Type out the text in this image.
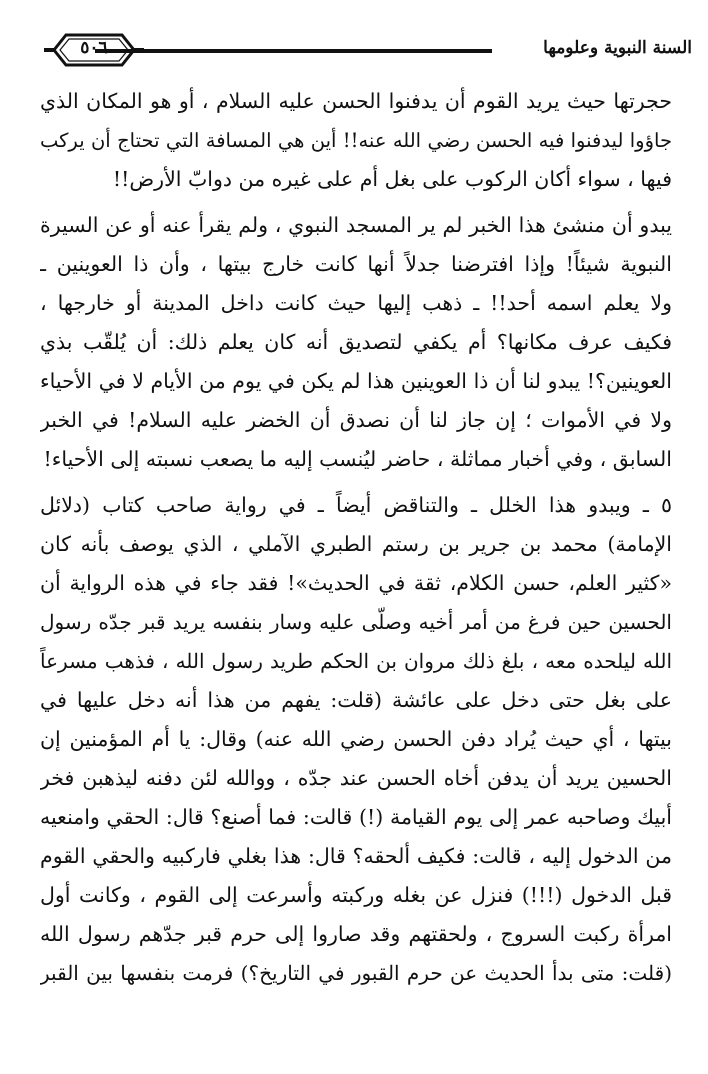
السنة النبوية وعلومها
٥٠٦
حجرتها حيث يريد القوم أن يدفنوا الحسن عليه السلام ، أو هو المكان الذي
جاؤوا ليدفنوا فيه الحسن رضي الله عنه!! أين هي المسافة التي تحتاج أن يركب
فيها ، سواء أكان الركوب على بغل أم على غيره من دوابّ الأرض!!
يبدو أن منشئ هذا الخبر لم ير المسجد النبوي ، ولم يقرأ عنه أو عن السيرة
النبوية شيئاً! وإذا افترضنا جدلاً أنها كانت خارج بيتها ، وأن ذا العوينين ـ
ولا يعلم اسمه أحد!! ـ ذهب إليها حيث كانت داخل المدينة أو خارجها ،
فكيف عرف مكانها؟ أم يكفي لتصديق أنه كان يعلم ذلك: أن يُلقّب بذي
العوينين؟! يبدو لنا أن ذا العوينين هذا لم يكن في يوم من الأيام لا في الأحياء
ولا في الأموات ؛ إن جاز لنا أن نصدق أن الخضر عليه السلام! في الخبر
السابق ، وفي أخبار مماثلة ، حاضر ليُنسب إليه ما يصعب نسبته إلى الأحياء!
٥ ـ ويبدو هذا الخلل ـ والتناقض أيضاً ـ في رواية صاحب كتاب (دلائل
الإمامة) محمد بن جرير بن رستم الطبري الآملي ، الذي يوصف بأنه كان
«كثير العلم، حسن الكلام، ثقة في الحديث»! فقد جاء في هذه الرواية أن
الحسين حين فرغ من أمر أخيه وصلّى عليه وسار بنفسه يريد قبر جدّه رسول
الله ليلحده معه ، بلغ ذلك مروان بن الحكم طريد رسول الله ، فذهب مسرعاً
على بغل حتى دخل على عائشة (قلت: يفهم من هذا أنه دخل عليها في
بيتها ، أي حيث يُراد دفن الحسن رضي الله عنه) وقال: يا أم المؤمنين إن
الحسين يريد أن يدفن أخاه الحسن عند جدّه ، ووالله لئن دفنه ليذهبن فخر
أبيك وصاحبه عمر إلى يوم القيامة (!) قالت: فما أصنع؟ قال: الحقي وامنعيه
من الدخول إليه ، قالت: فكيف ألحقه؟ قال: هذا بغلي فاركبيه والحقي القوم
قبل الدخول (!!!) فنزل عن بغله وركبته وأسرعت إلى القوم ، وكانت أول
امرأة ركبت السروج ، ولحقتهم وقد صاروا إلى حرم قبر جدّهم رسول الله
(قلت: متى بدأ الحديث عن حرم القبور في التاريخ؟) فرمت بنفسها بين القبر
